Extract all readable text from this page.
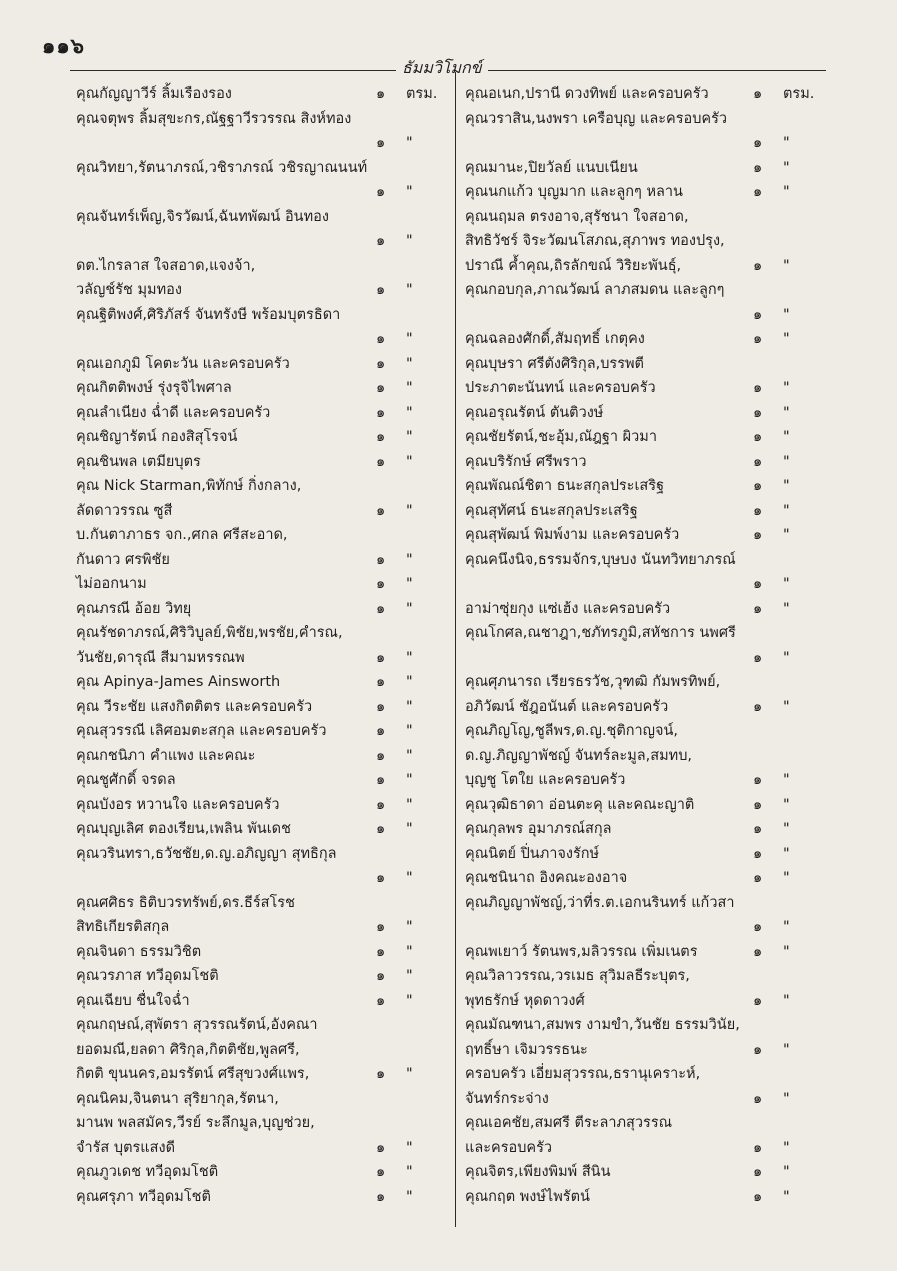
๑๑๖
ธัมมวิโมกข์
คุณกัญญาวีร์ ลิ้มเรืองรอง	๑ ตรม.
คุณจตุพร ลิ้มสุขะกร,ณัฐฐาวีรวรรณ สิงห์ทอง
๑ "
คุณวิทยา,รัตนาภรณ์,วชิราภรณ์ วชิรญาณนนท์
๑ "
คุณจันทร์เพ็ญ,จิรวัฒน์,ฉันทพัฒน์ อินทอง
๑ "
ดต.ไกรลาส ใจสอาด,แจงจ้า,
วลัญช์รัช มุมทอง	๑ "
คุณฐิติพงศ์,ศิริภัสร์ จันทรังษี พร้อมบุตรธิดา
๑ "
คุณเอกภูมิ โคตะวัน และครอบครัว	๑ "
คุณกิตติพงษ์ รุ่งรุจิไพศาล	๑ "
คุณลำเนียง ฉ่ำดี และครอบครัว	๑ "
คุณชิญารัตน์ กองสิสุโรจน์	๑ "
คุณชินพล เตมียบุตร	๑ "
คุณ Nick Starman,พิทักษ์ กิ่งกลาง,
ลัดดาวรรณ ซูสี	๑ "
บ.กันตาภาธร จก.,ศกล ศรีสะอาด,
กันดาว ศรพิชัย	๑ "
ไม่ออกนาม	๑ "
คุณภรณี อ้อย วิทยุ	๑ "
คุณรัชดาภรณ์,ศิริวิบูลย์,พิชัย,พรชัย,คำรณ,
วันชัย,ดารุณี สีมามหรรณพ	๑ "
คุณ Apinya-James Ainsworth	๑ "
คุณ วีระชัย แสงกิตติตร และครอบครัว	๑ "
คุณสุวรรณี เลิศอมตะสกุล และครอบครัว	๑ "
คุณกชนิภา คำแพง และคณะ	๑ "
คุณชูศักดิ์ จรดล	๑ "
คุณบังอร หวานใจ และครอบครัว	๑ "
คุณบุญเลิศ ตองเรียน,เพลิน พันเดช	๑ "
คุณวรินทรา,ธวัชชัย,ด.ญ.อภิญญา สุทธิกุล
๑ "
คุณศศิธร ธิติบวรทรัพย์,ดร.ธีร์สโรช
สิทธิเกียรติสกุล	๑ "
คุณจินดา ธรรมวิชิต	๑ "
คุณวรภาส ทวีอุดมโชติ	๑ "
คุณเฉียบ ชื่นใจฉ่ำ	๑ "
คุณกฤษณ์,สุพัตรา สุวรรณรัตน์,อังคณา
ยอดมณี,ยลดา ศิริกุล,กิตติชัย,พูลศรี,
กิตติ ขุนนคร,อมรรัตน์ ศรีสุขวงศ์แพร,	๑ "
คุณนิคม,จินตนา สุริยากุล,รัตนา,
มานพ พลสมัคร,วีรย์ ระลึกมูล,บุญช่วย,
จำรัส บุตรแสงดี	๑ "
คุณภูวเดช ทวีอุดมโชติ	๑ "
คุณศรุภา ทวีอุดมโชติ	๑ "
คุณอเนก,ปรานี ดวงทิพย์ และครอบครัว	๑ ตรม.
คุณวราสิน,นงพรา เครือบุญ และครอบครัว
๑ "
คุณมานะ,ปิยวัลย์ แนบเนียน	๑ "
คุณนกแก้ว บุญมาก และลูกๆ หลาน	๑ "
คุณนฤมล ตรงอาจ,สุรัชนา ใจสอาด,
สิทธิวัชร์ จิระวัฒนโสภณ,สุภาพร ทองปรุง,
ปราณี ค้ำคุณ,ถิรลักขณ์ วิริยะพันธุ์,	๑ "
คุณกอบกุล,ภาณวัฒน์ ลาภสมดน และลูกๆ
๑ "
คุณฉลองศักดิ์,สัมฤทธิ์ เกตุคง	๑ "
คุณบุษรา ศรีตังศิริกุล,บรรพตี
ประภาตะนันทน์ และครอบครัว	๑ "
คุณอรุณรัตน์ ตันติวงษ์	๑ "
คุณชัยรัตน์,ชะอุ้ม,ณัฎฐา ผิวมา	๑ "
คุณบริรักษ์ ศรีพราว	๑ "
คุณพัณณ์ชิตา ธนะสกุลประเสริฐ	๑ "
คุณสุทัศน์ ธนะสกุลประเสริฐ	๑ "
คุณสุพัฒน์ พิมพ์งาม และครอบครัว	๑ "
คุณคนึงนิจ,ธรรมจักร,บุษบง นันทวิทยาภรณ์
๑ "
อาม่าซุ่ยกุง แซ่เฮ้ง และครอบครัว	๑ "
คุณโกศล,ณชาฎา,ชภัทรภูมิ,สหัชการ นพศรี
๑ "
คุณศุภนารถ เรียรธรวัช,วุฑฒิ กัมพรทิพย์,
อภิวัฒน์ ชัฎอนันต์ และครอบครัว	๑ "
คุณภิญโญ,ชูลีพร,ด.ญ.ชุติกาญจน์,
ด.ญ.ภิญญาพัชญ์ จันทร์ละมูล,สมทบ,
บุญชู โตใย และครอบครัว	๑ "
คุณวุฒิธาดา อ่อนตะคุ และคณะญาติ	๑ "
คุณกุลพร อุมาภรณ์สกุล	๑ "
คุณนิตย์ ปิ่นภาจงรักษ์	๑ "
คุณชนินาถ อิงคณะองอาจ	๑ "
คุณภิญญาพัชญ์,ว่าที่ร.ต.เอกนรินทร์ แก้วสา
๑ "
คุณพเยาว์ รัตนพร,มลิวรรณ เพิ่มเนตร	๑ "
คุณวิลาวรรณ,วรเมธ สุวิมลธีระบุตร,
พุทธรักษ์ หุดดาวงศ์	๑ "
คุณมัณฑนา,สมพร งามขำ,วันชัย ธรรมวินัย,
ฤทธิ์ษา เจิมวรรธนะ	๑ "
ครอบครัว เอี่ยมสุวรรณ,ธรานุเคราะห์,
จันทร์กระจ่าง	๑ "
คุณเอคชัย,สมศรี ตีระลาภสุวรรณ
และครอบครัว	๑ "
คุณจิตร,เพียงพิมพ์ สีนิน	๑ "
คุณกฤต พงษ์ไพรัตน์	๑ "
